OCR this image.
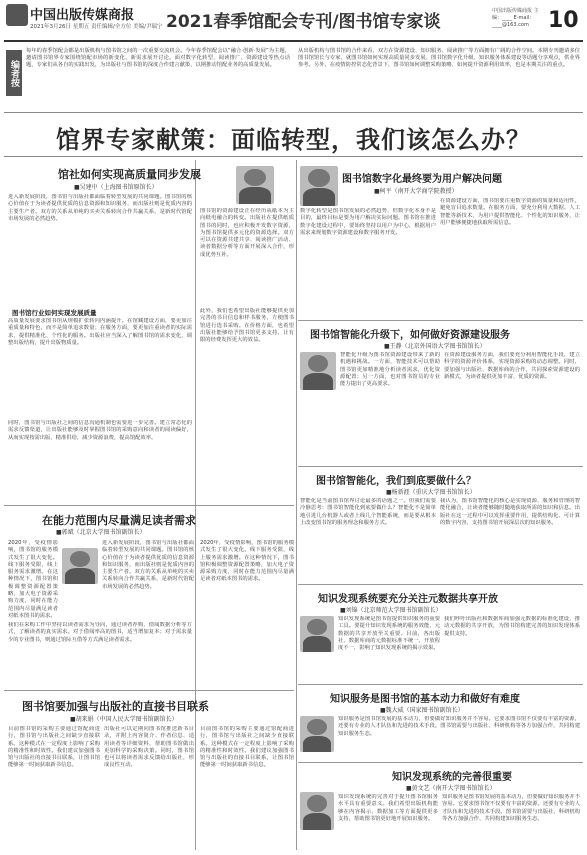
中国出版传媒商报
2021年3月26日 星期五 责任编辑/全方位 美编/尹瑞宁 2021春季馆配会专刊/图书馆专家谈
中国出版传媒商报 主编：____ E-mail：____@163.com 10
编者按
每年的春季馆配会都是出版机构与图书馆之间的一次重要交流机会。今年春季馆配会以“融合·创新·发展”为主题，邀请图书馆界专家围绕馆配市场的新变化、新需求展开讨论。面对数字化转型、阅读推广、资源建设等热点话题，专家们从各自的实践出发，为出版社与图书馆的深度合作建言献策，以期推动馆配业务的高质量发展。
从出版机构与图书馆的合作来看，双方在资源建设、知识服务、阅读推广等方面拥有广阔的合作空间。本期专刊邀请多位图书馆馆长与专家，就图书馆如何实现高质量同步发展、图书馆数字化升级、知识服务体系建设等话题分享观点，供业界参考。另外，在疫情防控常态化背景下，图书馆如何调整采购策略、如何提升资源利用效率，也是本期关注的重点。
馆界专家献策：面临转型，我们该怎么办？
馆社如何实现高质量同步发展
■吴建中（上海图书馆原馆长）
进入新发展阶段，图书馆与出版社都面临着转型发展的共同课题。图书馆的核心价值在于为读者提供优质的信息资源和知识服务，而出版社则是优质内容的主要生产者。双方的关系从单纯的买卖关系转向合作共赢关系，是新时代馆配市场发展的必然趋势。
图书馆的资源建设正在经历从纸本为主向纸电融合的转变。出版社在提供纸质图书的同时，也应积极开发数字资源，为图书馆提供多元化的资源选择。双方可以在资源共建共享、阅读推广活动、读者数据分析等方面开展深入合作，形成优势互补。
图书馆行业如何实现发展质量
高质量发展要求图书馆从规模扩张转向内涵提升。在馆藏建设方面，要更加注重质量和特色，而不是简单追求数量；在服务方面，要更加注重读者的实际需求，提供精准化、个性化的服务。出版社应当深入了解图书馆的需求变化，调整出版结构，提升出版物质量。
同时，图书馆与出版社之间的信息沟通机制也需要进一步完善。建立常态化的需求反馈渠道，让出版社能够及时掌握图书馆的采购意向和读者的阅读偏好，从而实现按需出版、精准供给，减少资源浪费，提高馆配效率。
此外，我们也希望出版社能够提供更加完善的书目信息和样书服务，方便图书馆进行选书采购。在价格方面，也希望出版社能够给予图书馆更多支持，让有限的经费发挥更大的效益。
在能力范围内尽量满足读者需求
■郭斌（北京大学图书馆副馆长）
2020年，受疫情影响，图书馆的服务模式发生了很大变化。线下服务受限，线上服务需求激增。在这种情况下，图书馆积极调整资源配置策略，加大电子资源采购力度，同时在能力范围内尽量满足读者对纸本图书的需求。
我们在采购工作中坚持以读者需求为导向，通过读者荐购、借阅数据分析等方式，了解读者的真实需求。对于借阅率高的图书，适当增加复本；对于需求量少的专业图书，则通过馆际互借等方式满足读者需求。
进入新发展阶段，图书馆与出版社都面临着转型发展的共同课题。图书馆的核心价值在于为读者提供优质的信息资源和知识服务，而出版社则是优质内容的主要生产者。双方的关系从单纯的买卖关系转向合作共赢关系，是新时代馆配市场发展的必然趋势。
2020年，受疫情影响，图书馆的服务模式发生了很大变化。线下服务受限，线上服务需求激增。在这种情况下，图书馆积极调整资源配置策略，加大电子资源采购力度，同时在能力范围内尽量满足读者对纸本图书的需求。
图书馆要加强与出版社的直接书目联系
■胡来娟（中国人民大学图书馆副馆长）
目前图书馆的采购主要通过馆配商进行，图书馆与出版社之间缺少直接联系。这种模式在一定程度上影响了采购的精准性和时效性。我们建议加强图书馆与出版社的直接书目联系，让图书馆能够第一时间获取新书信息。
出版社可以定期向图书馆推送新书目录，并附上内容简介、作者信息、适用读者等详细资料，帮助图书馆做出更加科学的采购决策。同时，图书馆也可以将读者需求反馈给出版社，形成良性互动。
目前图书馆的采购主要通过馆配商进行，图书馆与出版社之间缺少直接联系。这种模式在一定程度上影响了采购的精准性和时效性。我们建议加强图书馆与出版社的直接书目联系，让图书馆能够第一时间获取新书信息。
图书馆数字化最终要为用户解决问题
■柯平（南开大学商学院教授）
数字化转型是图书馆发展的必然趋势，但数字化本身不是目的，最终目标是要为用户解决实际问题。图书馆在推进数字化建设过程中，要始终坚持以用户为中心，根据用户需求来规划数字资源建设和数字服务开发。
在资源建设方面，图书馆要注重数字资源的质量和适用性，避免盲目追求数量。在服务方面，要充分利用大数据、人工智能等新技术，为用户提供智能化、个性化的知识服务，让用户能够便捷地获取所需信息。
图书馆智能化升级下，如何做好资源建设服务
■王静（北京外国语大学图书馆馆长）
智能化升级为图书馆资源建设带来了新的机遇和挑战。一方面，智能技术可以帮助图书馆更加精准地分析读者需求，优化资源配置；另一方面，也对图书馆员的专业能力提出了更高要求。
在资源建设服务方面，我们要充分利用智能化手段，建立科学的资源评价体系，实现资源采购的动态调整。同时，要加强与出版社、数据库商的合作，共同探索资源建设的新模式，为读者提供更加丰富、优质的资源。
图书馆智能化，我们到底要做什么？
■杨新涯（重庆大学图书馆馆长）
智能化是当前图书馆界讨论最多的话题之一。但我们需要冷静思考：图书馆智能化到底要做什么？智能化不是简单地引进几台机器人或者上线几个智能系统，而是要从根本上改变图书馆的服务理念和服务方式。
我认为，图书馆智能化的核心是实现资源、服务和管理的智能化融合，让读者能够随时随地获取所需的知识和信息。出版社在这一过程中可以发挥重要作用，提供结构化、可计算的数字内容，支持图书馆开展深层次的知识服务。
知识发现系统要充分关注元数据共享开放
■刘锦（北京师范大学图书馆副馆长）
知识发现系统是图书馆提供知识服务的重要工具。要提升知识发现系统的服务效能，元数据的共享开放至关重要。目前，各出版社、数据库商的元数据标准不统一，开放程度不一，影响了知识发现系统的揭示效果。
我们呼吁出版社和数据库商加强元数据的标准化建设，推动元数据的共享开放，为图书馆构建完善的知识发现体系提供支持。
知识服务是图书馆的基本动力和做好有难度
■魏大威（国家图书馆副馆长）
知识服务是图书馆发展的基本动力，但要做好知识服务并不容易。它要求图书馆不仅要有丰富的资源，还要有专业的人才队伍和先进的技术手段。图书馆需要与出版社、科研机构等各方加强合作，共同构建知识服务生态。
知识发现系统的完善很重要
■黄文艺（南开大学图书馆馆长）
知识发现系统的完善对于提升图书馆服务水平具有重要意义。我们希望出版机构能够在内容揭示、数据加工等方面提供更多支持，帮助图书馆更好地开展知识服务。
知识服务是图书馆发展的基本动力，但要做好知识服务并不容易。它要求图书馆不仅要有丰富的资源，还要有专业的人才队伍和先进的技术手段。图书馆需要与出版社、科研机构等各方加强合作，共同构建知识服务生态。
